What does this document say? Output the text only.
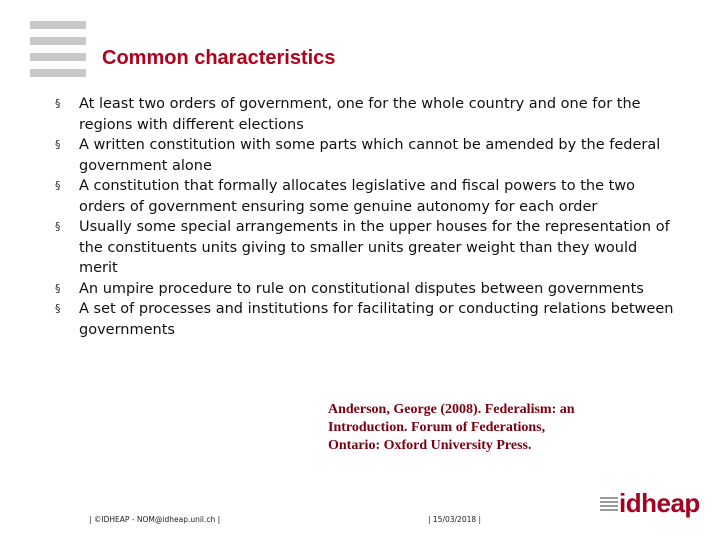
Common characteristics
§ At least two orders of government, one for the whole country and one for the regions with different elections
§ A written constitution with some parts which cannot be amended by the federal government alone
§ A constitution that formally allocates legislative and fiscal powers to the two orders of government ensuring some genuine autonomy for each order
§ Usually some special arrangements in the upper houses for the representation of the constituents units giving to smaller units greater weight than they would merit
§ An umpire procedure to rule on constitutional disputes between governments
§ A set of processes and institutions for facilitating or conducting relations between governments
Anderson, George (2008). Federalism: an Introduction. Forum of Federations, Ontario: Oxford University Press.
| ©IDHEAP - NOM@idheap.unil.ch |	| 15/03/2018 |
idheap
